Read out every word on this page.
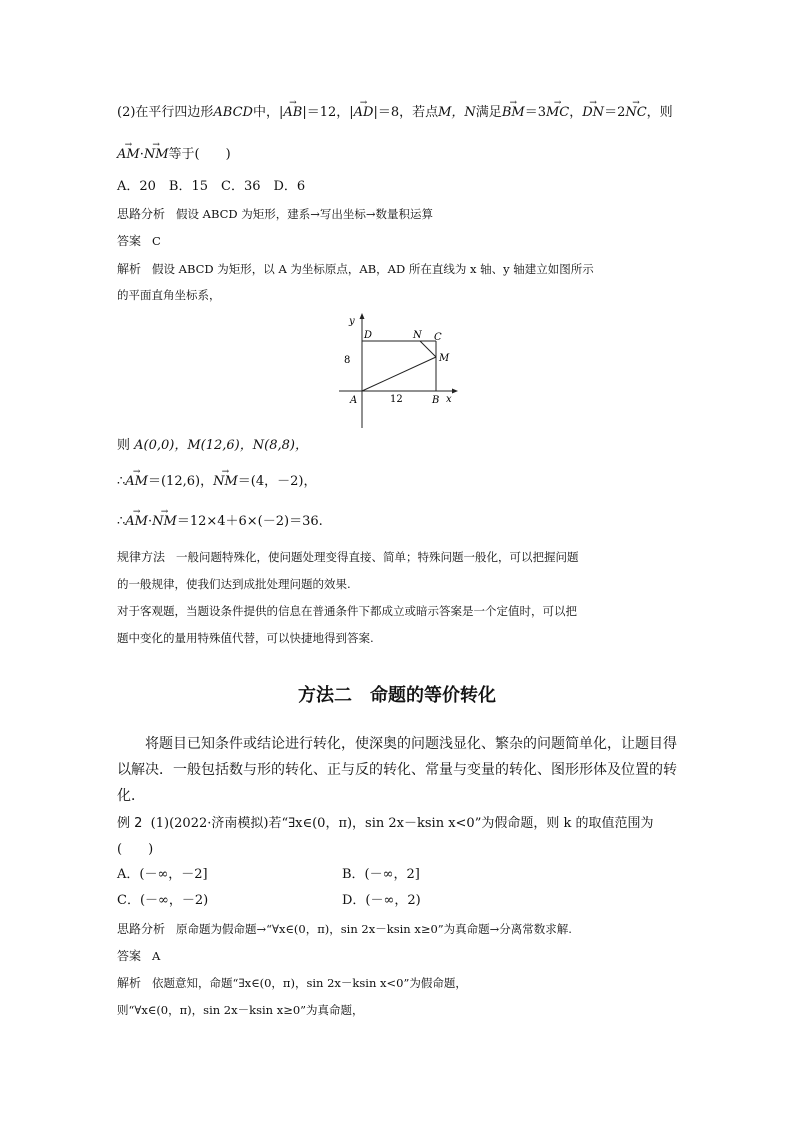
(2)在平行四边形ABCD中，|→ AB|＝12，|→ AD|＝8，若点M，N满足→ BM＝3→ MC，→ DN＝2→ NC，则
→ AM·→ NM等于(　　)
A．20　B．15　C．36　D．6
思路分析 假设 ABCD 为矩形，建系→写出坐标→数量积运算
答案 C
解析 假设 ABCD 为矩形，以 A 为坐标原点，AB，AD 所在直线为 x 轴、y 轴建立如图所示
的平面直角坐标系，
y
D	N C
M
8
A	12	B x
则 A(0,0)，M(12,6)，N(8,8)，
∴→ AM＝(12,6)，→ NM＝(4，－2)，
∴→ AM·→ NM＝12×4＋6×(－2)＝36.
规律方法 一般问题特殊化，使问题处理变得直接、简单；特殊问题一般化，可以把握问题
的一般规律，使我们达到成批处理问题的效果.
对于客观题，当题设条件提供的信息在普通条件下都成立或暗示答案是一个定值时，可以把
题中变化的量用特殊值代替，可以快捷地得到答案.
方法二　命题的等价转化
将题目已知条件或结论进行转化，使深奥的问题浅显化、繁杂的问题简单化，让题目得以解决．一般包括数与形的转化、正与反的转化、常量与变量的转化、图形形体及位置的转化．
例 2 (1)(2022·济南模拟)若“∃x∈(0，π)，sin 2x－ksin x<0”为假命题，则 k 的取值范围为
(　　)
A．(－∞，－2]	B．(－∞，2]
C．(－∞，－2)	D．(－∞，2)
思路分析 原命题为假命题→“∀x∈(0，π)，sin 2x－ksin x≥0”为真命题→分离常数求解.
答案 A
解析 依题意知，命题“∃x∈(0，π)，sin 2x－ksin x<0”为假命题，
则“∀x∈(0，π)，sin 2x－ksin x≥0”为真命题，
